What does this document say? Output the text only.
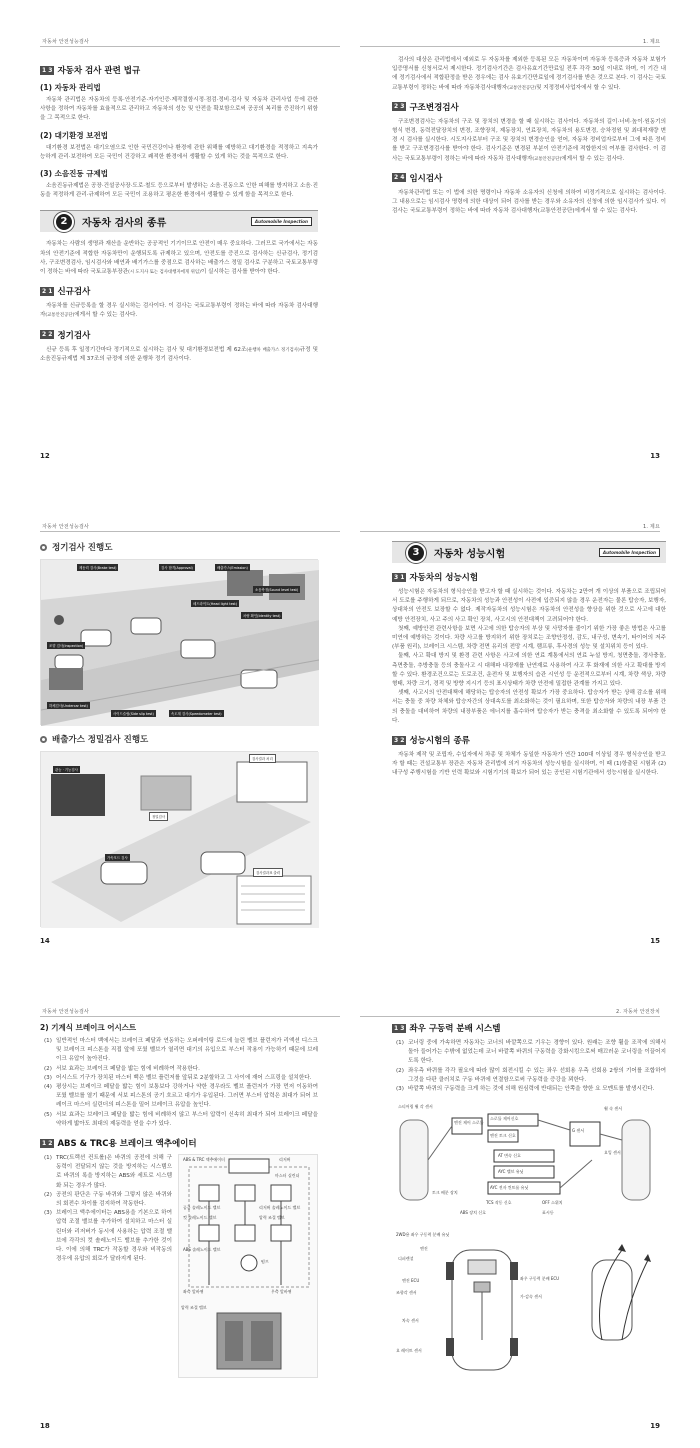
자동차 안전성능검사
1 3 자동차 검사 관련 법규
(1) 자동차 관리법
자동차 관리법은 자동차의 등록·안전기준·자기인증·제작결함시정·점검·정비·검사 및 자동차 관리사업 등에 관한 사항을 정하여 자동차를 효율적으로 관리하고 자동차의 성능 및 안전을 확보함으로써 공공의 복리를 증진하기 위함을 그 목적으로 한다.
(2) 대기환경 보전법
대기환경 보전법은 대기오염으로 인한 국민건강이나 환경에 관한 위해를 예방하고 대기환경을 적정하고 지속가능하게 관리·보전하여 모든 국민이 건강하고 쾌적한 환경에서 생활할 수 있게 하는 것을 목적으로 한다.
(3) 소음진동 규제법
소음진동규제법은 공장·건설공사장·도로·철도 등으로부터 발생하는 소음·진동으로 인한 피해를 방지하고 소음·진동을 적정하게 관리·규제하여 모든 국민이 조용하고 평온한 환경에서 생활할 수 있게 함을 목적으로 한다.
2	자동차 검사의 종류	Automobile Inspection
자동차는 사람의 생명과 재산을 운반하는 공공적인 기기이므로 안전이 매우 중요하다. 그러므로 국가에서는 자동차의 안전기준에 적합한 자동차만이 운행되도록 규제하고 있으며, 안전도를 증진으로 검사하는 신규검사, 정기검사, 구조변경검사, 임시검사와 배연과 배기가스를 중점으로 검사하는 배출가스 정밀 검사로 구분하고 국토교통부령이 정하는 바에 따라 국토교통부장관(시 도지사 또는 검사대행자에게 위임)이 실시하는 검사를 받아야 한다.
2 1 신규검사
자동차를 신규등록을 할 경우 실시하는 검사이다. 이 검사는 국토교통부령이 정하는 바에 따라 자동차 검사대행자(교통안전공단)에게서 할 수 있는 검사다.
2 2 정기검사
신규 등록 후 일정기간마다 정기적으로 실시하는 검사 및 대기환경보전법 제 62조(운행차 배출가스 정기검사)규정 및 소음진동규제법 제 37조의 규정에 의한 운행차 정기 검사이다.
12
1. 제요
검사의 대상은 관리법에서 예외로 두 자동차를 제외한 등록된 모든 자동차이며 자동차 등록증과 자동차 보험가입증명서를 신청서로서 제시한다. 정기검사기간은 검사유효기간만료일 전후 각각 30일 이내로 하며, 이 기간 내에 정기검사에서 적합판정을 받은 경우에는 검사 유효기간만료일에 정기검사를 받은 것으로 본다. 이 검사는 국토교통부령이 정하는 바에 따라 자동차검사대행자(교통안전공단)및 지정정비사업자에서 할 수 있다.
2 3 구조변경검사
구조변경검사는 자동차의 구조 및 장치의 변경을 할 때 실시하는 검사이다. 자동차의 길이·너비·높이·원동기의 형식 변경, 동력전달장치의 변경, 조향장치, 제동장치, 연료장치, 자동차의 용도변경, 승차정원 및 최대적재량 변경 시 검사를 실시한다. 시도지사로부터 구조 및 장치의 변경승인을 얻어, 자동차 정비업자로부터 그에 따른 정비를 받고 구조변경검사를 받아야 한다. 검사기준은 변경된 부분이 안전기준에 적합한지의 여부를 검사한다. 이 검사는 국토교통부령이 정하는 바에 따라 자동차 검사대행자(교통안전공단)에게서 할 수 있는 검사다.
2 4 임시검사
자동차관리법 또는 이 법에 의한 명령이나 자동차 소유자의 신청에 의하여 비정기적으로 실시하는 검사이다. 그 내용으로는 임시검사 명령에 의한 대상이 되어 검사를 받는 경우와 소유자의 신청에 의한 임시검사가 있다. 이 검사는 국토교통부령이 정하는 바에 따라 자동차 검사대행자(교통안전공단)에게서 할 수 있는 검사다.
13
자동차 안전성능검사
정기검사 진행도
제동력 검사(Brake test)	검사 합격(Approval)	배출가스(Emission)
조향 검사(Inspection)
소음측정(Sound level test)
헤드라이트(Head light test)
차량 확인(Identity test)
하체검사(Undercar test)
사이드슬립(Side slip test)	속도계 검사(Speedometer test)
배출가스 정밀검사 진행도
검사결과 처리
관능 · 기능검사
정밀검사
가속모드 검사
검사결과표 출력
14
1. 제요
3	자동차 성능시험	Automobile Inspection
3 1 자동차의 성능시험
성능시험은 자동차의 형식승인을 받고자 할 때 실시하는 것이다. 자동차는 2만여 개 이상의 부품으로 조립되어서 도로를 주행하게 되므로, 자동차의 성능과 안전성이 사전에 입증되지 않을 경우 운전자는 물론 탑승자, 보행자, 상대차의 안전도 보장할 수 없다. 제작자동차의 성능시험은 자동차의 안전성을 향상을 위한 것으로 사고에 대한 예방 안전장치, 사고 주의 사고 확인 장치, 사고시의 안전대책이 고려되어야 한다.
첫째, 예방안전 관련사항을 보면 사고에 의한 탑승자의 부상 및 사망자를 줄이기 위한 가장 좋은 방법은 사고를 미연에 예방하는 것이다. 차량 사고를 방지하기 위한 장치로는 조향안정성, 감도, 내구성, 변속기, 타이어의 저주(부품 원리), 브레이크 시스템, 차량 전면 유리의 전망 시계, 램프류, 후사경의 성능 및 설치위치 등이 있다.
둘째, 사고 확대 방지 및 환경 관련 사항은 사고에 의한 연료 계통에서의 연료 누설 방지, 청면충돌, 경사충돌, 측면충돌, 추방충돌 등의 충돌사고 시 대해파 내장재를 난연재료 사용하여 사고 후 화재에 의한 사고 확대를 방지할 수 있다. 환경조건으로는 도로조건, 운전자 및 보행자의 습관 시인성 등 운전적으로부터 시계, 차량 색상, 차량 형태, 차량 크기, 경적 및 방향 지시기 등의 표시상태가 차량 안전에 밀접한 관계를 가지고 있다.
셋째, 사고시의 안전대책에 해당하는 탑승자의 안전성 확보가 가장 중요하다. 탑승자가 받는 상해 감소를 위해서는 충돌 중 차량 차체와 탑승자간의 상대속도를 최소화하는 것이 필요하며, 또한 탑승자와 차량의 내장 부품 간의 충돌을 대비하여 차량의 내장부품은 에너지를 흡수하여 탑승자가 받는 충격을 최소화할 수 있도록 되어야 한다.
3 2 성능시험의 종류
자동차 제작 및 조립자, 수입자에서 차종 및 차체가 동일한 자동차가 연간 100대 이상일 경우 형식승인을 받고자 할 때는 건설교통부 장관은 자동차 관리법에 의거 자동차의 성능시험을 실시하며, 이 때 (1)항출된 시험과 (2) 내구성 주행시험을 기반 인력 확보와 시험기기의 확보가 되어 있는 공인된 시험기관에서 성능시험을 실시한다.
15
자동차 안전성능검사
2) 기계식 브레이크 어시스트
(1) 일반적인 마스터 백에서는 브레이크 페달과 연동하는 오퍼레이팅 로드에 늘린 벨브 플런저가 리액션 디스크 및 브레이크 피스톤을 직접 앞에 포웠 벨브가 열리면 대기의 유입으로 부스터 작용이 가능하기 때문에 브레이크 유압이 높아진다.
(2) 서보 효과는 브레이크 페달을 밟는 힘에 비례하여 작용한다.
(3) 어시스트 기구가 장치된 마스터 백은 벨브 플런저를 앞뒤로 2분할하고 그 사이에 재어 스프링을 설치한다.
(4) 평상시는 브레이크 페달을 밟는 힘이 보통보다 강하거나 약한 경우라도 벨브 플런저가 가장 먼저 이동하여 포웠 벨브를 열기 때문에 서보 피스톤의 공기 흐르고 대기가 유입된다. 그러면 부스터 압력은 최대가 되어 브레이크 마스터 실린더의 피스톤을 밀어 브레이크 유압을 높인다.
(5) 서보 효과는 브레이크 페달을 밟는 힘에 비례하지 않고 부스터 압력이 신속히 최대가 되어 브레이크 페달을 약하게 밟아도 최대의 제동력을 얻을 수가 있다.
1 2 ABS & TRC용 브레이크 액추에이터
(1) TRC(트랙션 컨트롤)은 바퀴의 공전에 의해 구동력이 전달되지 않는 것을 방지하는 시스템으로 바퀴의 록을 방지하는 ABS와 세트로 시스템화 되는 경우가 많다.
(2) 공전의 판단은 구동 바퀴와 그렇지 않은 바퀴와의 회전수 차이를 검지하여 작동한다.
(3) 브레이크 액추에이터는 ABS용을 기본으로 하여 압력 조절 밸브를 추가하여 설치하고 마스터 실린더와 리저버가 동시에 사용하는 압력 조절 밸브에 각각의 컷 솔레노이드 밸브를 추가한 것이다. 이에 의해 TRC가 작동할 경우와 비작동의 경우에 유압의 회로가 달라지게 된다.
ABS & TRC 액추에이터	리저버
마스터 실린더
공급 솔레노이드 밸브	리저버 솔레노이드 밸브
컷 솔레노이드 밸브	압력 조절 밸브
ABS 솔레노이드 밸브
펌프
좌측 앞바퀴	우측 앞바퀴
압력 조절 밸브
18
2. 자동차 안전장치
1 3 좌우 구동력 분배 시스템
(1) 코너링 중에 가속하면 자동차는 코너의 바깥쪽으로 기우는 경향이 있다. 원래는 조향 휠을 조작에 의해서 돌아 들어가는 수밖에 없었는데 코너 바깥쪽 바퀴의 구동력을 강화시킴으로써 매끄러운 코너링을 이끌어지도록 한다.
(2) 좌우측 바퀴를 각각 필요에 따라 많이 회전시킬 수 있는 좌우 선회용 우측 선회용 2쌍의 기어를 조합하여 그것을 다판 클러치로 구동 바퀴에 연결함으로써 구동력을 증강을 꾀한다.
(3) 바깥쪽 바퀴의 구동력을 크게 하는 것에 의해 원심력에 반대되는 안쪽을 향한 요 모멘트를 발생시킨다.
스로틀 제어신호
엔진 제어 스로틀
엔진 토크 신호
토크 배분 장치
휠 속 센서
요잉 센서
AT 변속 신호
AYC 밸브 유닛
AYC 전자 컨트롤 유닛
G 센서
스티어링 휠 각 센서
TCS 작동 신호	OFF 스위치
표시등
ABS 장치 신호
2WD용 좌우 구동력 분배 유닛
엔진
디퍼렌셜
좌우 구동력 분배 ECU
엔진 ECU
조향각 센서
가·감속 센서
차속 센서
요 레이트 센서
19
